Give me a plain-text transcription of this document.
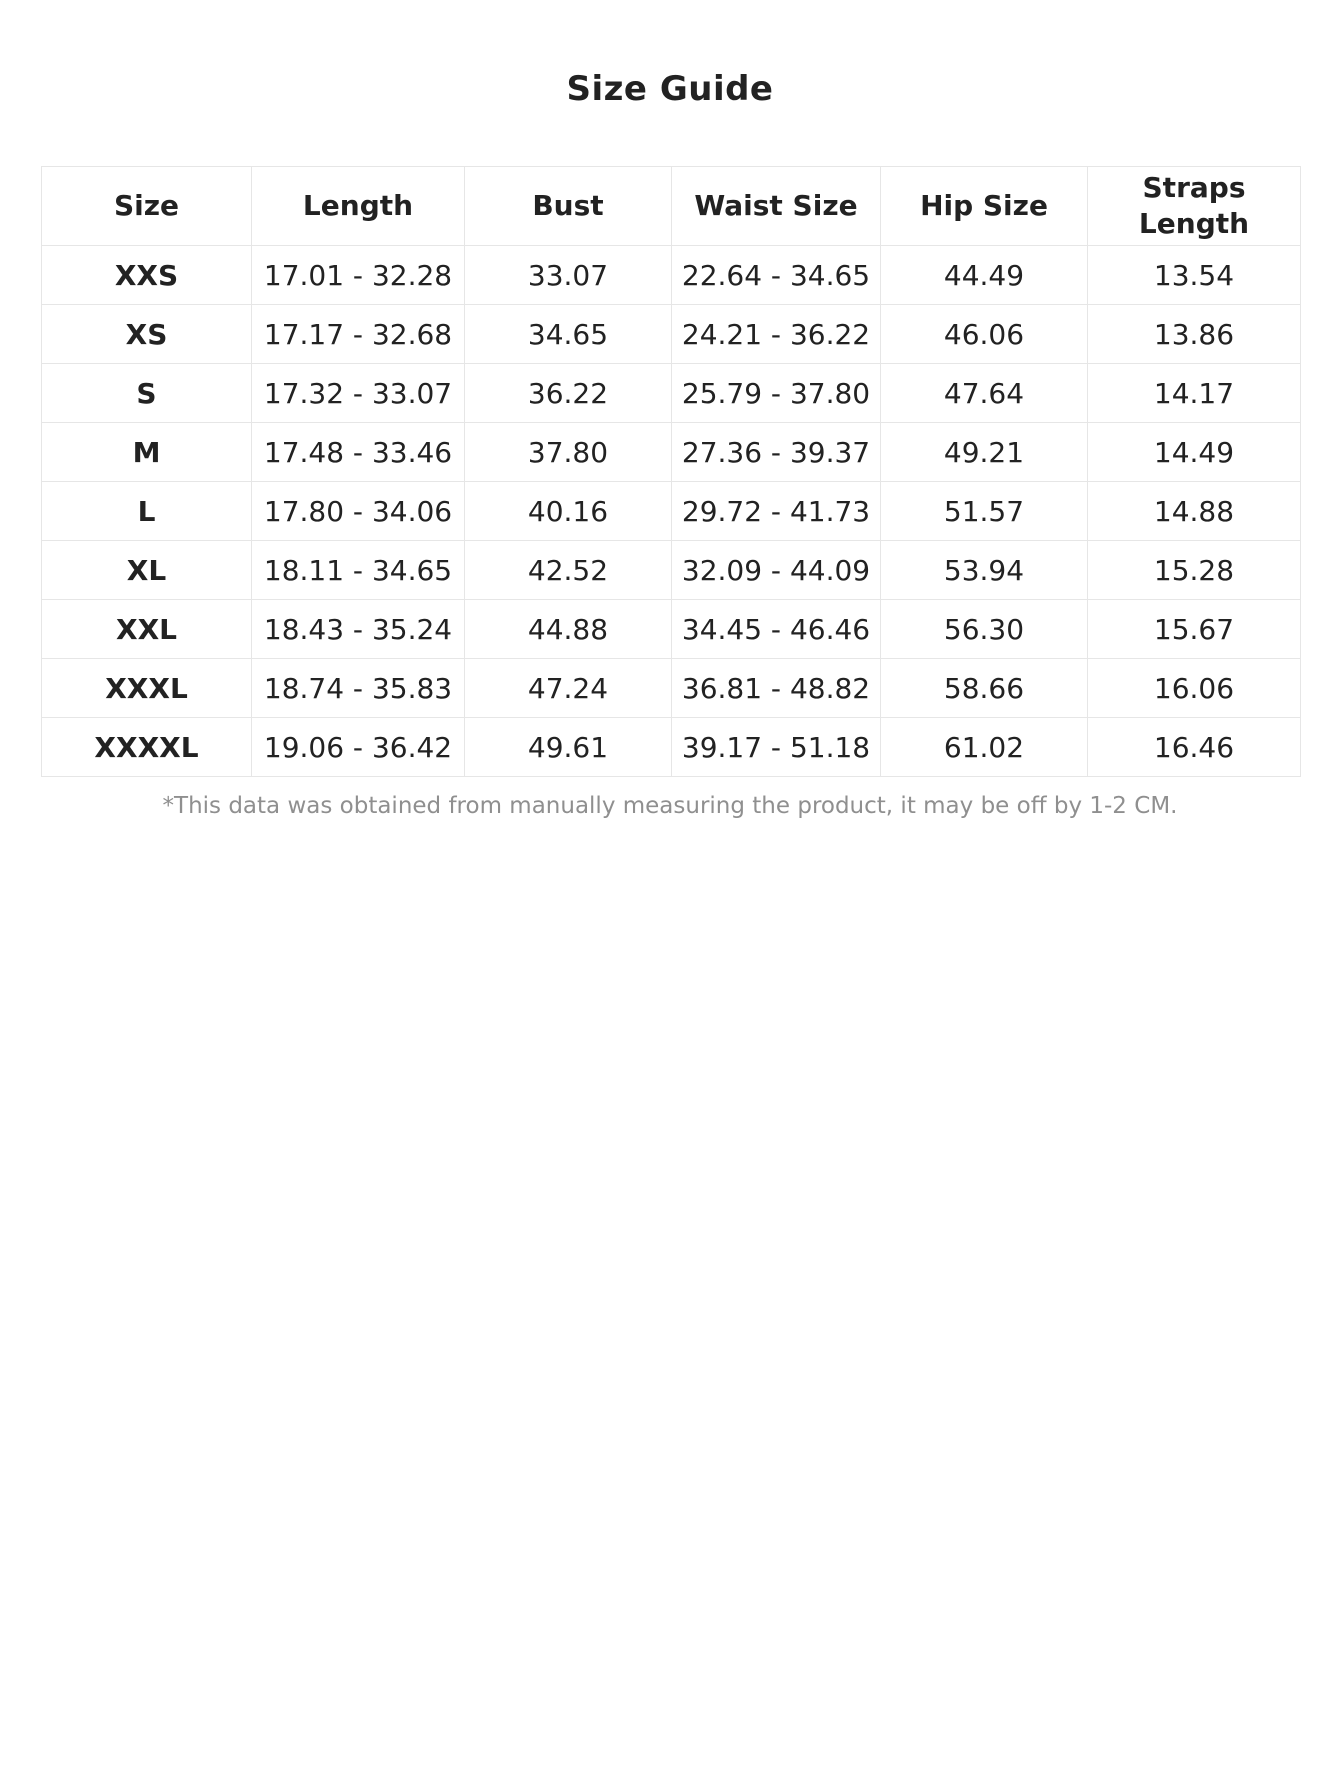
Size Guide
Size	Length	Bust	Waist Size	Hip Size	Straps Length
XXS	17.01 - 32.28	33.07	22.64 - 34.65	44.49	13.54
XS	17.17 - 32.68	34.65	24.21 - 36.22	46.06	13.86
S	17.32 - 33.07	36.22	25.79 - 37.80	47.64	14.17
M	17.48 - 33.46	37.80	27.36 - 39.37	49.21	14.49
L	17.80 - 34.06	40.16	29.72 - 41.73	51.57	14.88
XL	18.11 - 34.65	42.52	32.09 - 44.09	53.94	15.28
XXL	18.43 - 35.24	44.88	34.45 - 46.46	56.30	15.67
XXXL	18.74 - 35.83	47.24	36.81 - 48.82	58.66	16.06
XXXXL	19.06 - 36.42	49.61	39.17 - 51.18	61.02	16.46
*This data was obtained from manually measuring the product, it may be off by 1-2 CM.
